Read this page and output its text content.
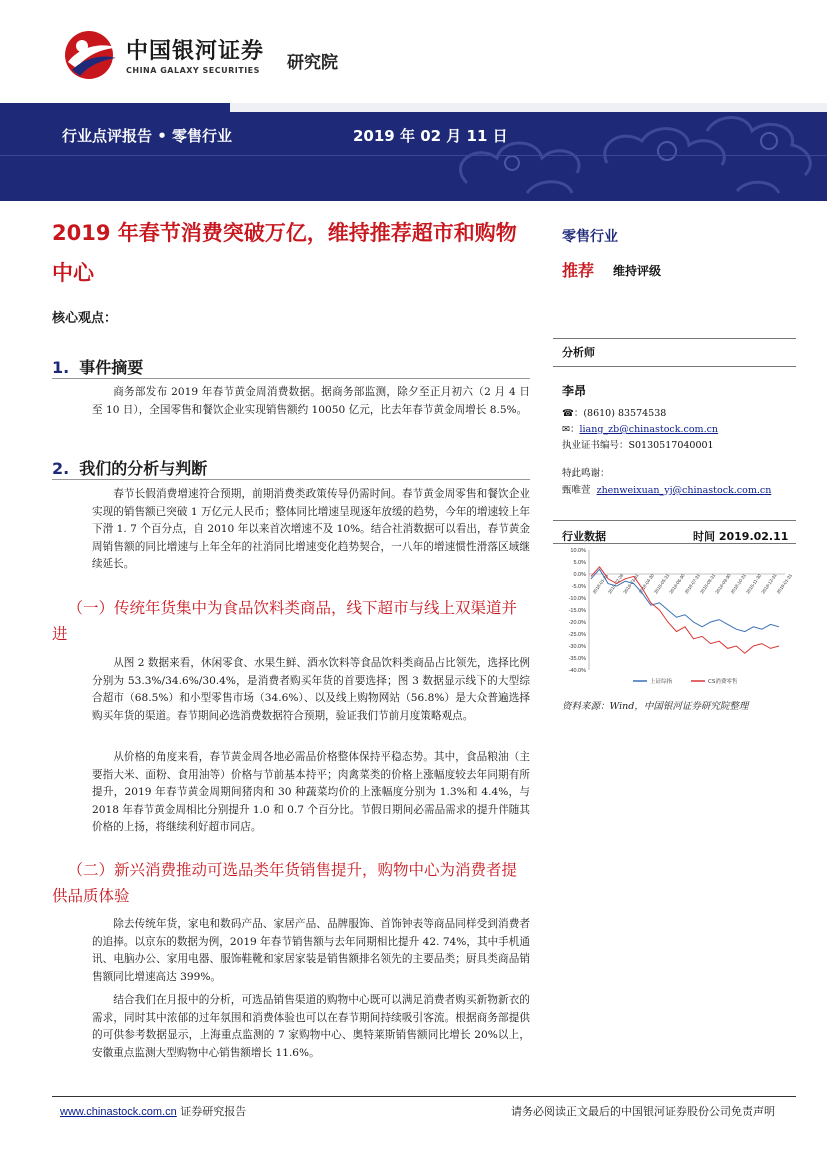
中国银河证券
CHINA GALAXY SECURITIES 研究院
行业点评报告 • 零售行业	2019 年 02 月 11 日
2019 年春节消费突破万亿，维持推荐超市和购物中心
核心观点：
1. 事件摘要
商务部发布 2019 年春节黄金周消费数据。据商务部监测，除夕至正月初六（2 月 4 日至 10 日），全国零售和餐饮企业实现销售额约 10050 亿元，比去年春节黄金周增长 8.5%。
2. 我们的分析与判断
春节长假消费增速符合预期，前期消费类政策传导仍需时间。春节黄金周零售和餐饮企业实现的销售额已突破 1 万亿元人民币；整体同比增速呈现逐年放缓的趋势，今年的增速较上年下滑 1. 7 个百分点，自 2010 年以来首次增速不及 10%。结合社消数据可以看出，春节黄金周销售额的同比增速与上年全年的社消同比增速变化趋势契合，一八年的增速惯性滑落区域继续延长。
（一）传统年货集中为食品饮料类商品，线下超市与线上双渠道并进
从图 2 数据来看，休闲零食、水果生鲜、酒水饮料等食品饮料类商品占比领先，选择比例分别为 53.3%/34.6%/30.4%，是消费者购买年货的首要选择；图 3 数据显示线下的大型综合超市（68.5%）和小型零售市场（34.6%）、以及线上购物网站（56.8%）是大众普遍选择购买年货的渠道。春节期间必选消费数据符合预期，验证我们节前月度策略观点。
从价格的角度来看，春节黄金周各地必需品价格整体保持平稳态势。其中，食品粮油（主要指大米、面粉、食用油等）价格与节前基本持平；肉禽菜类的价格上涨幅度较去年同期有所提升，2019 年春节黄金周期间猪肉和 30 种蔬菜均价的上涨幅度分别为 1.3%和 4.4%，与 2018 年春节黄金周相比分别提升 1.0 和 0.7 个百分比。节假日期间必需品需求的提升伴随其价格的上扬，将继续利好超市同店。
（二）新兴消费推动可选品类年货销售提升，购物中心为消费者提供品质体验
除去传统年货，家电和数码产品、家居产品、品牌服饰、首饰钟表等商品同样受到消费者的追捧。以京东的数据为例，2019 年春节销售额与去年同期相比提升 42. 74%，其中手机通讯、电脑办公、家用电器、服饰鞋靴和家居家装是销售额排名领先的主要品类；厨具类商品销售额同比增速高达 399%。
结合我们在月报中的分析，可选品销售渠道的购物中心既可以满足消费者购买新物新衣的需求，同时其中浓郁的过年氛围和消费体验也可以在春节期间持续吸引客流。根据商务部提供的可供参考数据显示，上海重点监测的 7 家购物中心、奥特莱斯销售额同比增长 20%以上，安徽重点监测大型购物中心销售额增长 11.6%。
零售行业
推荐 维持评级
分析师
李昂
☎：(8610) 83574538
✉：liang_zb@chinastock.com.cn
执业证书编号：S0130517040001
特此鸣谢：
甄唯萱 zhenweixuan_yj@chinastock.com.cn
行业数据	时间 2019.02.11
10.0%
5.0%
0.0%
-5.0%
-10.0%
-15.0%
-20.0%
-25.0%
-30.0%
-35.0%
-40.0%
2018-01-31
2018-02-28
2018-03-31
2018-04-30
2018-05-31
2018-06-30
2018-07-31
2018-08-31
2018-09-30
2018-10-31
2018-11-30
2018-12-31
2019-01-31
上证综指	CS消费零售
资料来源：Wind，中国银河证券研究院整理
www.chinastock.com.cn 证券研究报告	请务必阅读正文最后的中国银河证券股份公司免责声明
